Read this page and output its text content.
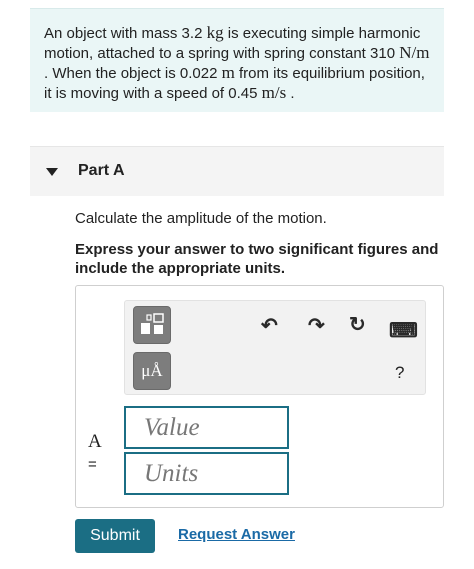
An object with mass 3.2 kg is executing simple harmonic motion, attached to a spring with spring constant 310 N/m . When the object is 0.022 m from its equilibrium position, it is moving with a speed of 0.45 m/s .
Part A
Calculate the amplitude of the motion.
Express your answer to two significant figures and include the appropriate units.
μÅ
↶ ↷ ↻ ⌨
?
A
=
Value
Units
Submit	Request Answer
